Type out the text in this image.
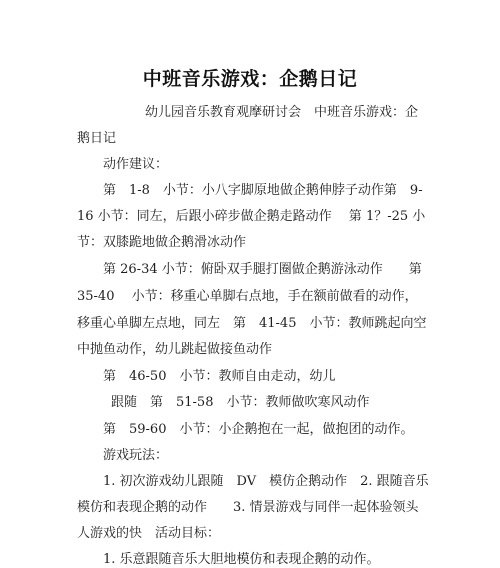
中班音乐游戏：企鹅日记
幼儿园音乐教育观摩研讨会　中班音乐游戏：企
鹅日记
动作建议：
第　1-8　小节：小八字脚原地做企鹅伸脖子动作第　9-
16 小节：同左，后跟小碎步做企鹅走路动作　 第 1？-25 小
节：双膝跪地做企鹅滑冰动作
第 26-34 小节：俯卧双手腿打圈做企鹅游泳动作　　第
35-40　 小节：移重心单脚右点地，手在额前做看的动作，
移重心单脚左点地，同左　第　41-45　小节：教师跳起向空
中抛鱼动作，幼儿跳起做接鱼动作
第　46-50　小节：教师自由走动，幼儿
跟随　第　51-58　小节：教师做吹寒风动作
第　59-60　小节：小企鹅抱在一起，做抱团的动作。
游戏玩法：
1. 初次游戏幼儿跟随　DV　模仿企鹅动作　2. 跟随音乐
模仿和表现企鹅的动作　　3. 情景游戏与同伴一起体验领头
人游戏的快　活动目标：
1. 乐意跟随音乐大胆地模仿和表现企鹅的动作。
